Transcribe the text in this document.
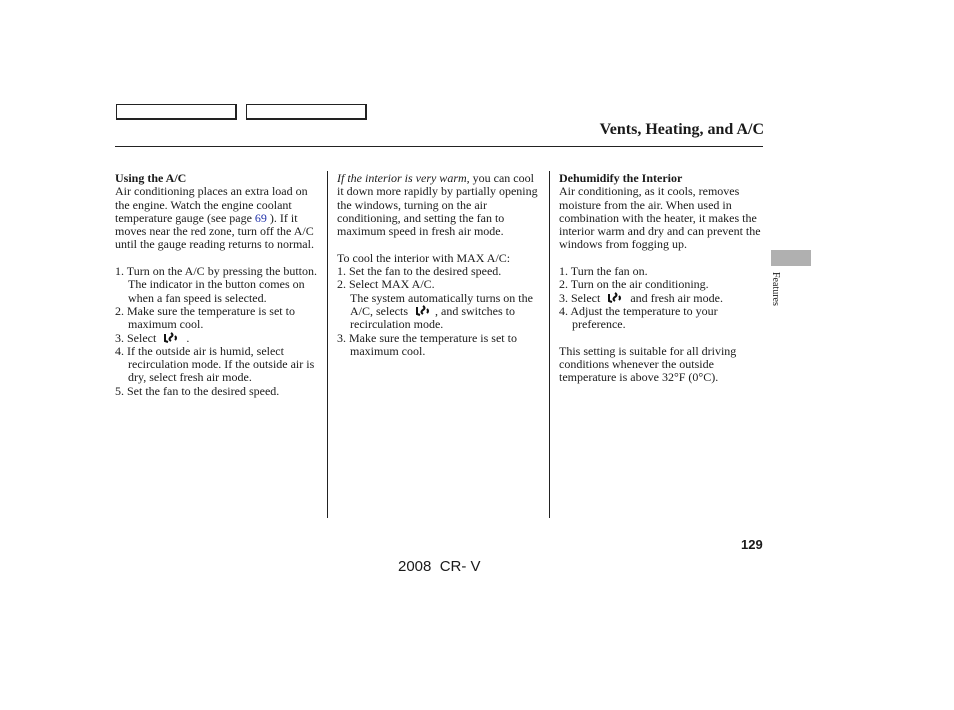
Vents, Heating, and A/C

Using the A/C

Air conditioning places an extra load on the engine. Watch the engine coolant temperature gauge (see page 69 ). If it moves near the red zone, turn off the A/C until the gauge reading returns to normal.

1. Turn on the A/C by pressing the button. The indicator in the button comes on when a fan speed is selected.

2. Make sure the temperature is set to maximum cool.

3. Select	.

4. If the outside air is humid, select recirculation mode. If the outside air is dry, select fresh air mode.

5. Set the fan to the desired speed.

If the interior is very warm, you can cool it down more rapidly by partially opening the windows, turning on the air conditioning, and setting the fan to maximum speed in fresh air mode.

To cool the interior with MAX A/C:

1. Set the fan to the desired speed.

2. Select MAX A/C.

The system automatically turns on the A/C, selects , and switches to recirculation mode.

3. Make sure the temperature is set to maximum cool.

Dehumidify the Interior

Air conditioning, as it cools, removes moisture from the air. When used in combination with the heater, it makes the interior warm and dry and can prevent the windows from fogging up.

1. Turn the fan on.

2. Turn on the air conditioning.

3. Select	and fresh air mode.

4. Adjust the temperature to your preference.

This setting is suitable for all driving conditions whenever the outside temperature is above 32°F (0°C).

Features
129
2008  CR- V
